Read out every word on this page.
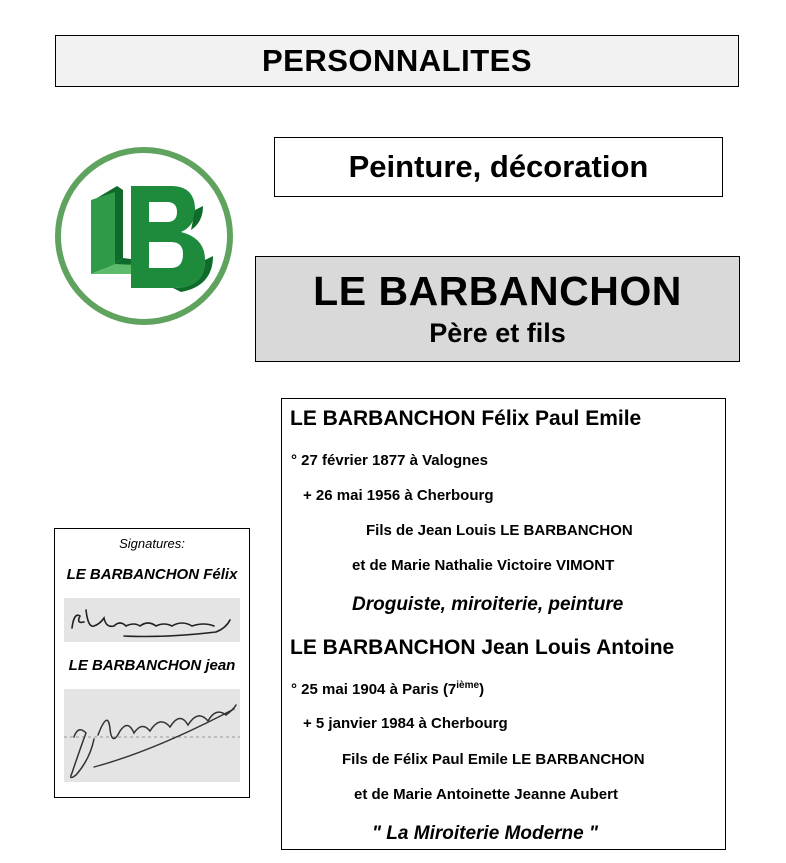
PERSONNALITES
Peinture, décoration
LE BARBANCHON
Père et fils
Signatures:
LE BARBANCHON Félix
LE BARBANCHON jean
LE BARBANCHON Félix Paul Emile
° 27 février 1877 à Valognes
+ 26 mai 1956 à Cherbourg
Fils de Jean Louis LE BARBANCHON
et de Marie Nathalie Victoire VIMONT
Droguiste, miroiterie, peinture
LE BARBANCHON Jean Louis Antoine
° 25 mai 1904 à Paris (7ième)
+ 5 janvier 1984 à Cherbourg
Fils de Félix Paul Emile LE BARBANCHON
et de Marie Antoinette Jeanne Aubert
" La Miroiterie Moderne "
